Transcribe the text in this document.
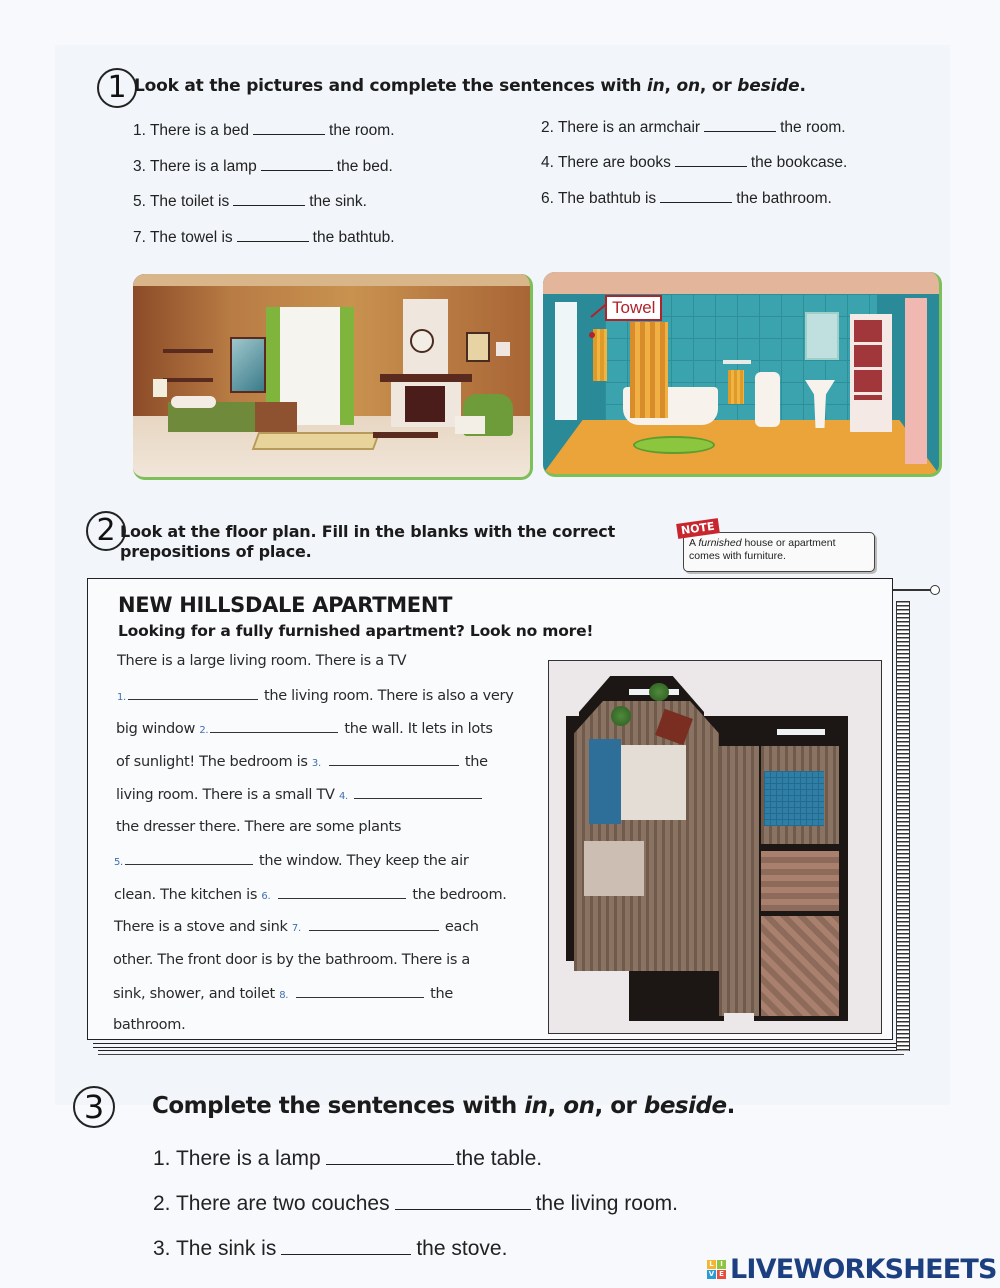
1 Look at the pictures and complete the sentences with in, on, or beside.
1. There is a bed	the room.	2. There is an armchair	the room.
3. There is a lamp	the bed.	4. There are books	the bookcase.
5. The toilet is	the sink.	6. The bathtub is	the bathroom.
7. The towel is	the bathtub.
Towel
2 Look at the floor plan. Fill in the blanks with the correct
prepositions of place.	A furnished house or apartment
comes with furniture.
NOTE
NEW HILLSDALE APARTMENT
Looking for a fully furnished apartment? Look no more!
There is a large living room. There is a TV
1.	the living room. There is also a very
big window 2.	the wall. It lets in lots
of sunlight! The bedroom is 3.	the
living room. There is a small TV 4.
the dresser there. There are some plants
5.	the window. They keep the air
clean. The kitchen is 6.	the bedroom.
There is a stove and sink 7.	each
other. The front door is by the bathroom. There is a
sink, shower, and toilet 8.	the
bathroom.
3	Complete the sentences with in, on, or beside.
1. There is a lamp	the table.
2. There are two couches	the living room.
3. The sink is	the stove.
L I
V E LIVEWORKSHEETS
